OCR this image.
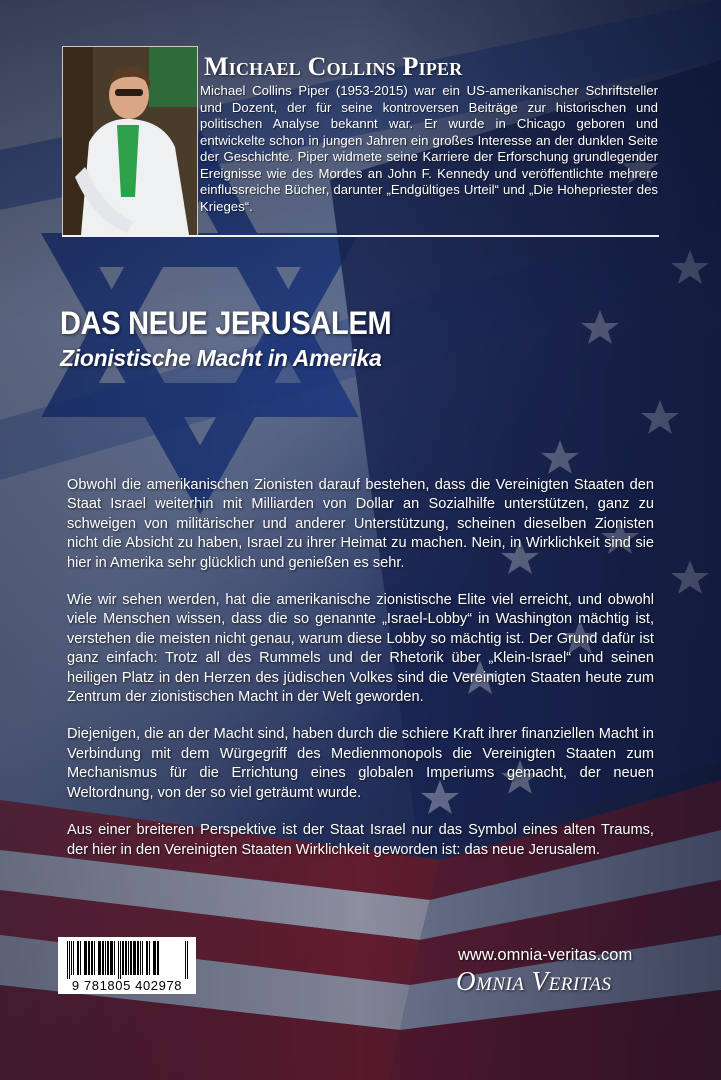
Michael Collins Piper

Michael Collins Piper (1953-2015) war ein US-amerikanischer Schriftsteller und Dozent, der für seine kontroversen Beiträge zur historischen und politischen Analyse bekannt war. Er wurde in Chicago geboren und entwickelte schon in jungen Jahren ein großes Interesse an der dunklen Seite der Geschichte. Piper widmete seine Karriere der Erforschung grundlegender Ereignisse wie des Mordes an John F. Kennedy und veröffentlichte mehrere einflussreiche Bücher, darunter „Endgültiges Urteil“ und „Die Hohepriester des Krieges“.

DAS NEUE JERUSALEM
Zionistische Macht in Amerika

Obwohl die amerikanischen Zionisten darauf bestehen, dass die Vereinigten Staaten den Staat Israel weiterhin mit Milliarden von Dollar an Sozialhilfe unterstützen, ganz zu schweigen von militärischer und anderer Unterstützung, scheinen dieselben Zionisten nicht die Absicht zu haben, Israel zu ihrer Heimat zu machen. Nein, in Wirklichkeit sind sie hier in Amerika sehr glücklich und genießen es sehr.

Wie wir sehen werden, hat die amerikanische zionistische Elite viel erreicht, und obwohl viele Menschen wissen, dass die so genannte „Israel-Lobby“ in Washington mächtig ist, verstehen die meisten nicht genau, warum diese Lobby so mächtig ist. Der Grund dafür ist ganz einfach: Trotz all des Rummels und der Rhetorik über „Klein-Israel“ und seinen heiligen Platz in den Herzen des jüdischen Volkes sind die Vereinigten Staaten heute zum Zentrum der zionistischen Macht in der Welt geworden.

Diejenigen, die an der Macht sind, haben durch die schiere Kraft ihrer finanziellen Macht in Verbindung mit dem Würgegriff des Medienmonopols die Vereinigten Staaten zum Mechanismus für die Errichtung eines globalen Imperiums gemacht, der neuen Weltordnung, von der so viel geträumt wurde.

Aus einer breiteren Perspektive ist der Staat Israel nur das Symbol eines alten Traums, der hier in den Vereinigten Staaten Wirklichkeit geworden ist: das neue Jerusalem.

9 781805 402978

www.omnia-veritas.com

Omnia Veritas
